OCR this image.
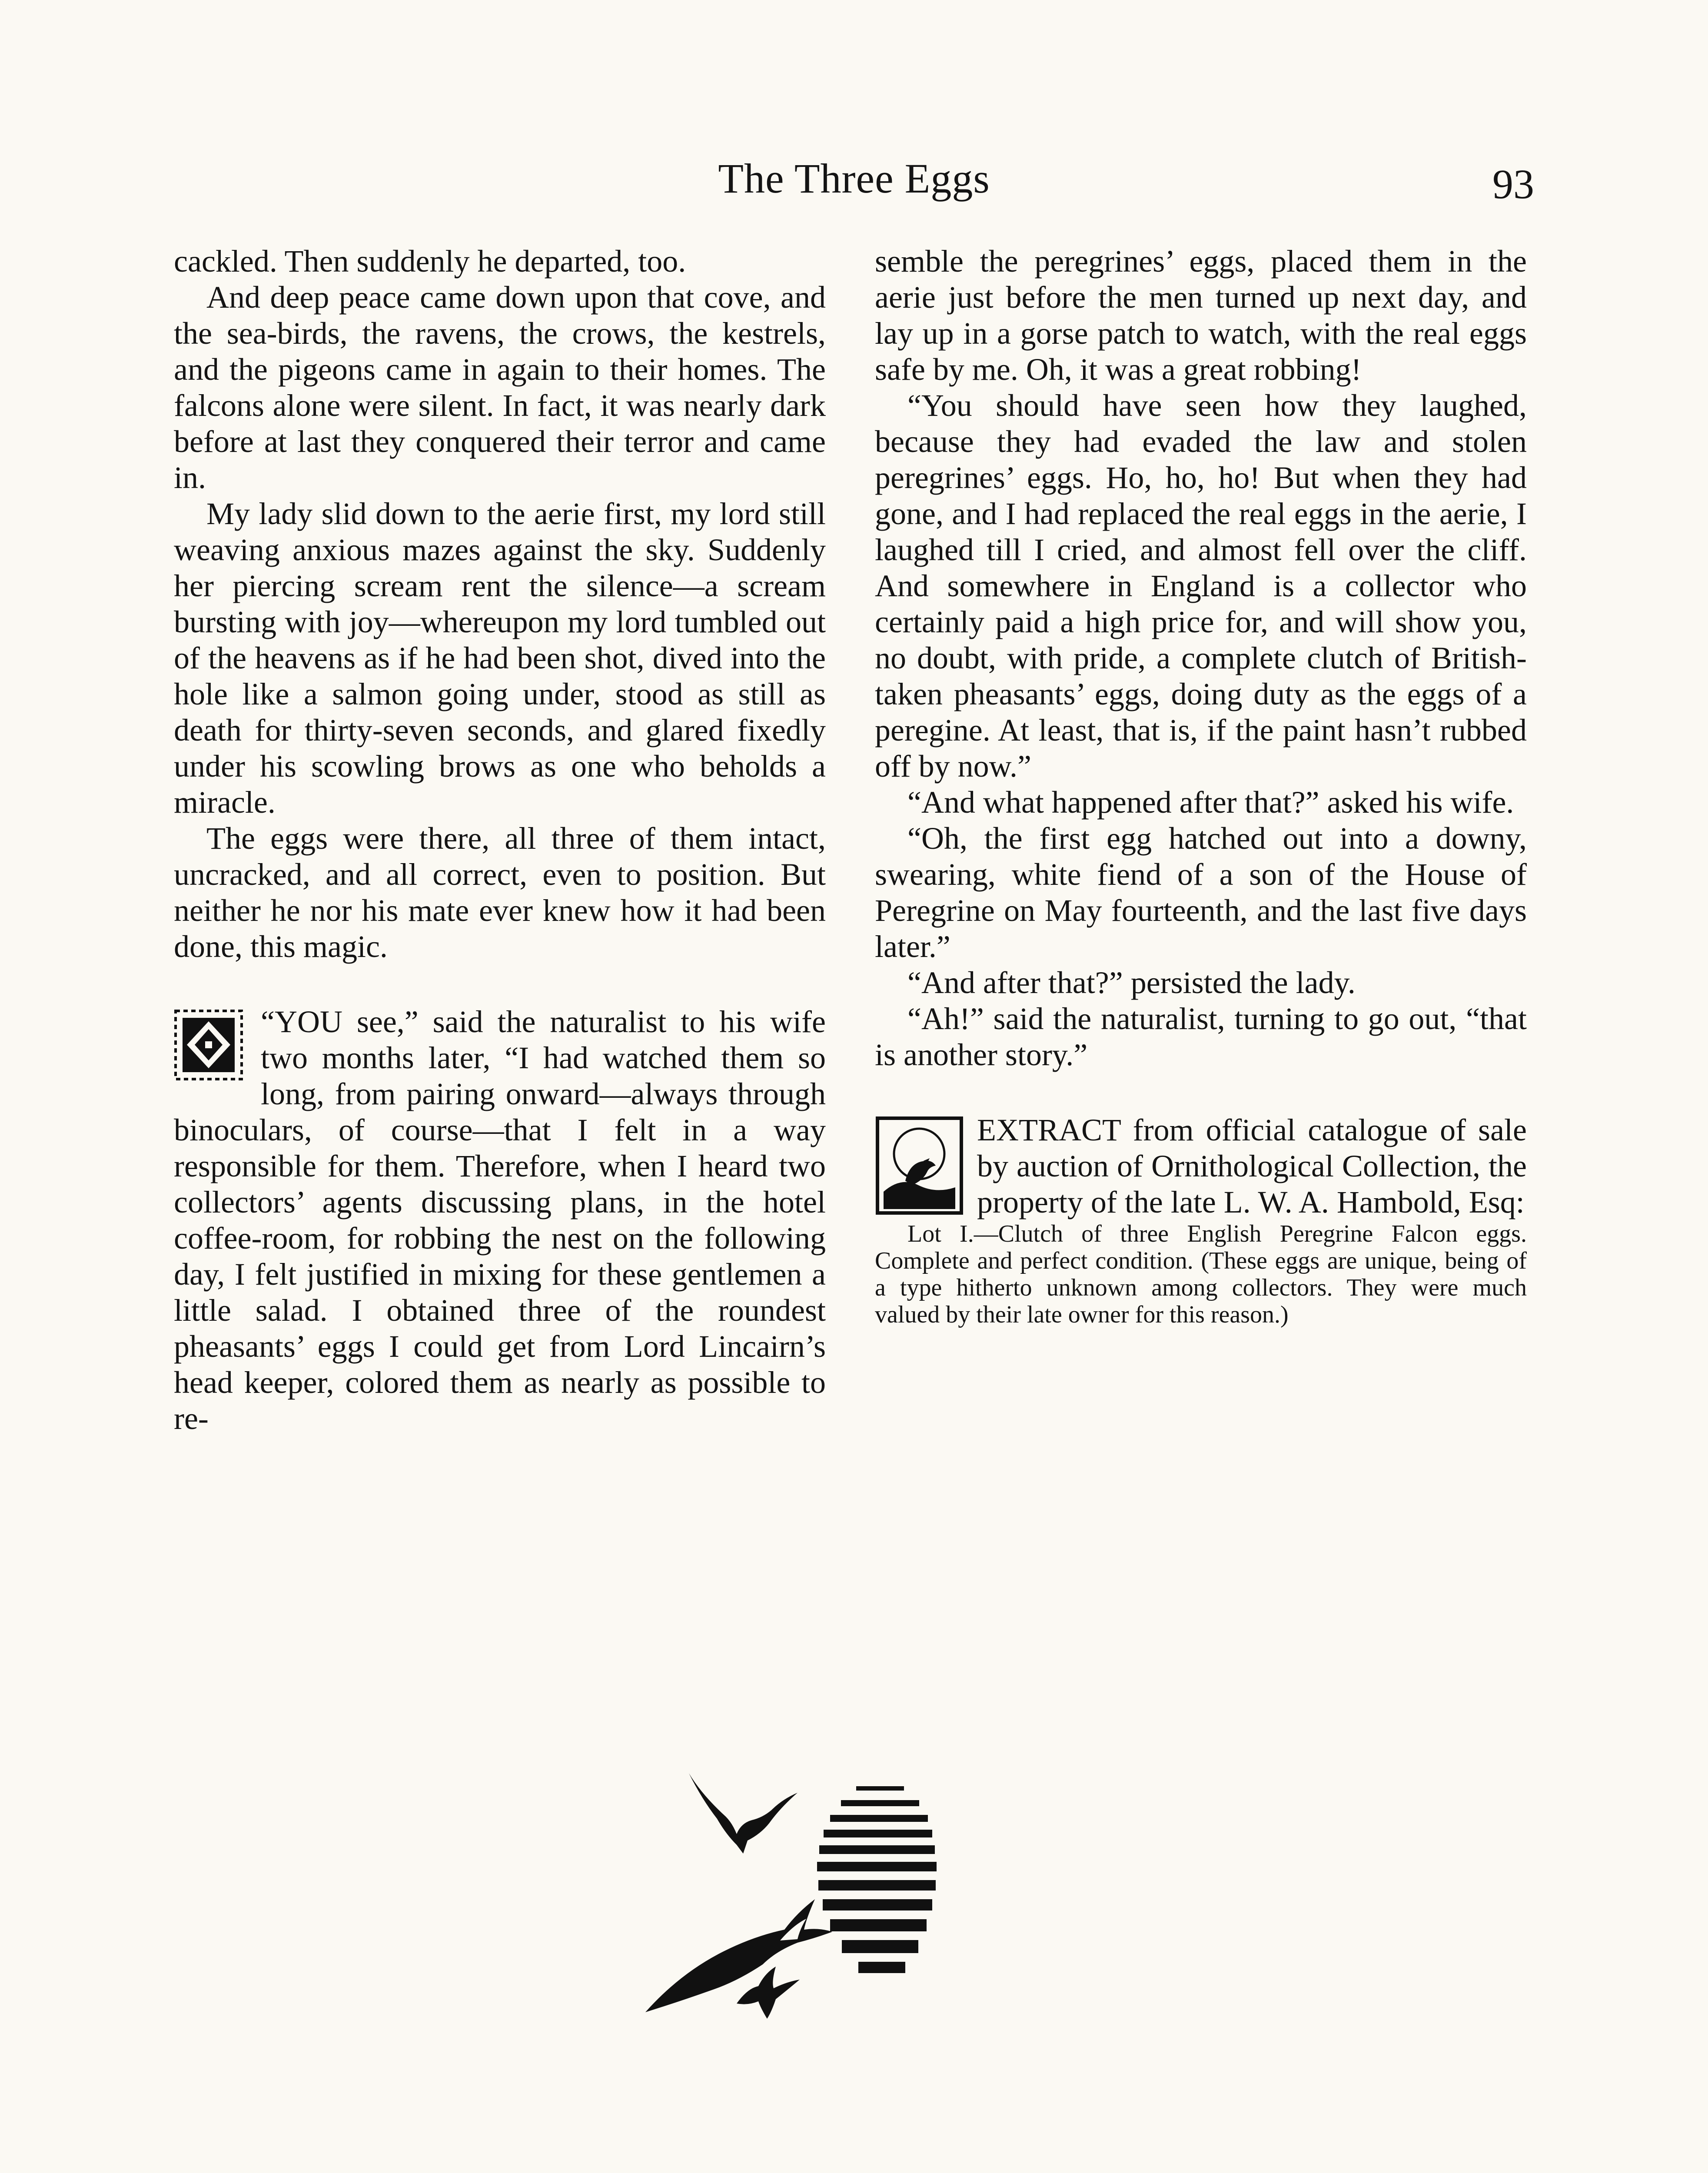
The Three Eggs	93

cackled. Then suddenly he departed, too.

And deep peace came down upon that cove, and the sea-birds, the ravens, the crows, the kestrels, and the pigeons came in again to their homes. The falcons alone were silent. In fact, it was nearly dark before at last they conquered their terror and came in.

My lady slid down to the aerie first, my lord still weaving anxious mazes against the sky. Suddenly her piercing scream rent the silence—a scream bursting with joy—whereupon my lord tumbled out of the heavens as if he had been shot, dived into the hole like a salmon going under, stood as still as death for thirty-seven seconds, and glared fixedly under his scowling brows as one who beholds a miracle.

The eggs were there, all three of them intact, uncracked, and all correct, even to position. But neither he nor his mate ever knew how it had been done, this magic.

“YOU see,” said the naturalist to his wife two months later, “I had watched them so long, from pairing onward—always through binoculars, of course—that I felt in a way responsible for them. Therefore, when I heard two collectors’ agents discussing plans, in the hotel coffee-room, for robbing the nest on the following day, I felt justified in mixing for these gentlemen a little salad. I obtained three of the roundest pheasants’ eggs I could get from Lord Lincairn’s head keeper, colored them as nearly as possible to re-

semble the peregrines’ eggs, placed them in the aerie just before the men turned up next day, and lay up in a gorse patch to watch, with the real eggs safe by me. Oh, it was a great robbing!

“You should have seen how they laughed, because they had evaded the law and stolen peregrines’ eggs. Ho, ho, ho! But when they had gone, and I had replaced the real eggs in the aerie, I laughed till I cried, and almost fell over the cliff. And somewhere in England is a collector who certainly paid a high price for, and will show you, no doubt, with pride, a complete clutch of British-taken pheasants’ eggs, doing duty as the eggs of a peregine. At least, that is, if the paint hasn’t rubbed off by now.”

“And what happened after that?” asked his wife.

“Oh, the first egg hatched out into a downy, swearing, white fiend of a son of the House of Peregrine on May fourteenth, and the last five days later.”

“And after that?” persisted the lady.

“Ah!” said the naturalist, turning to go out, “that is another story.”

EXTRACT from official catalogue of sale by auction of Ornithological Collection, the property of the late L. W. A. Hambold, Esq:

Lot I.—Clutch of three English Peregrine Falcon eggs. Complete and perfect condition. (These eggs are unique, being of a type hitherto unknown among collectors. They were much valued by their late owner for this reason.)
